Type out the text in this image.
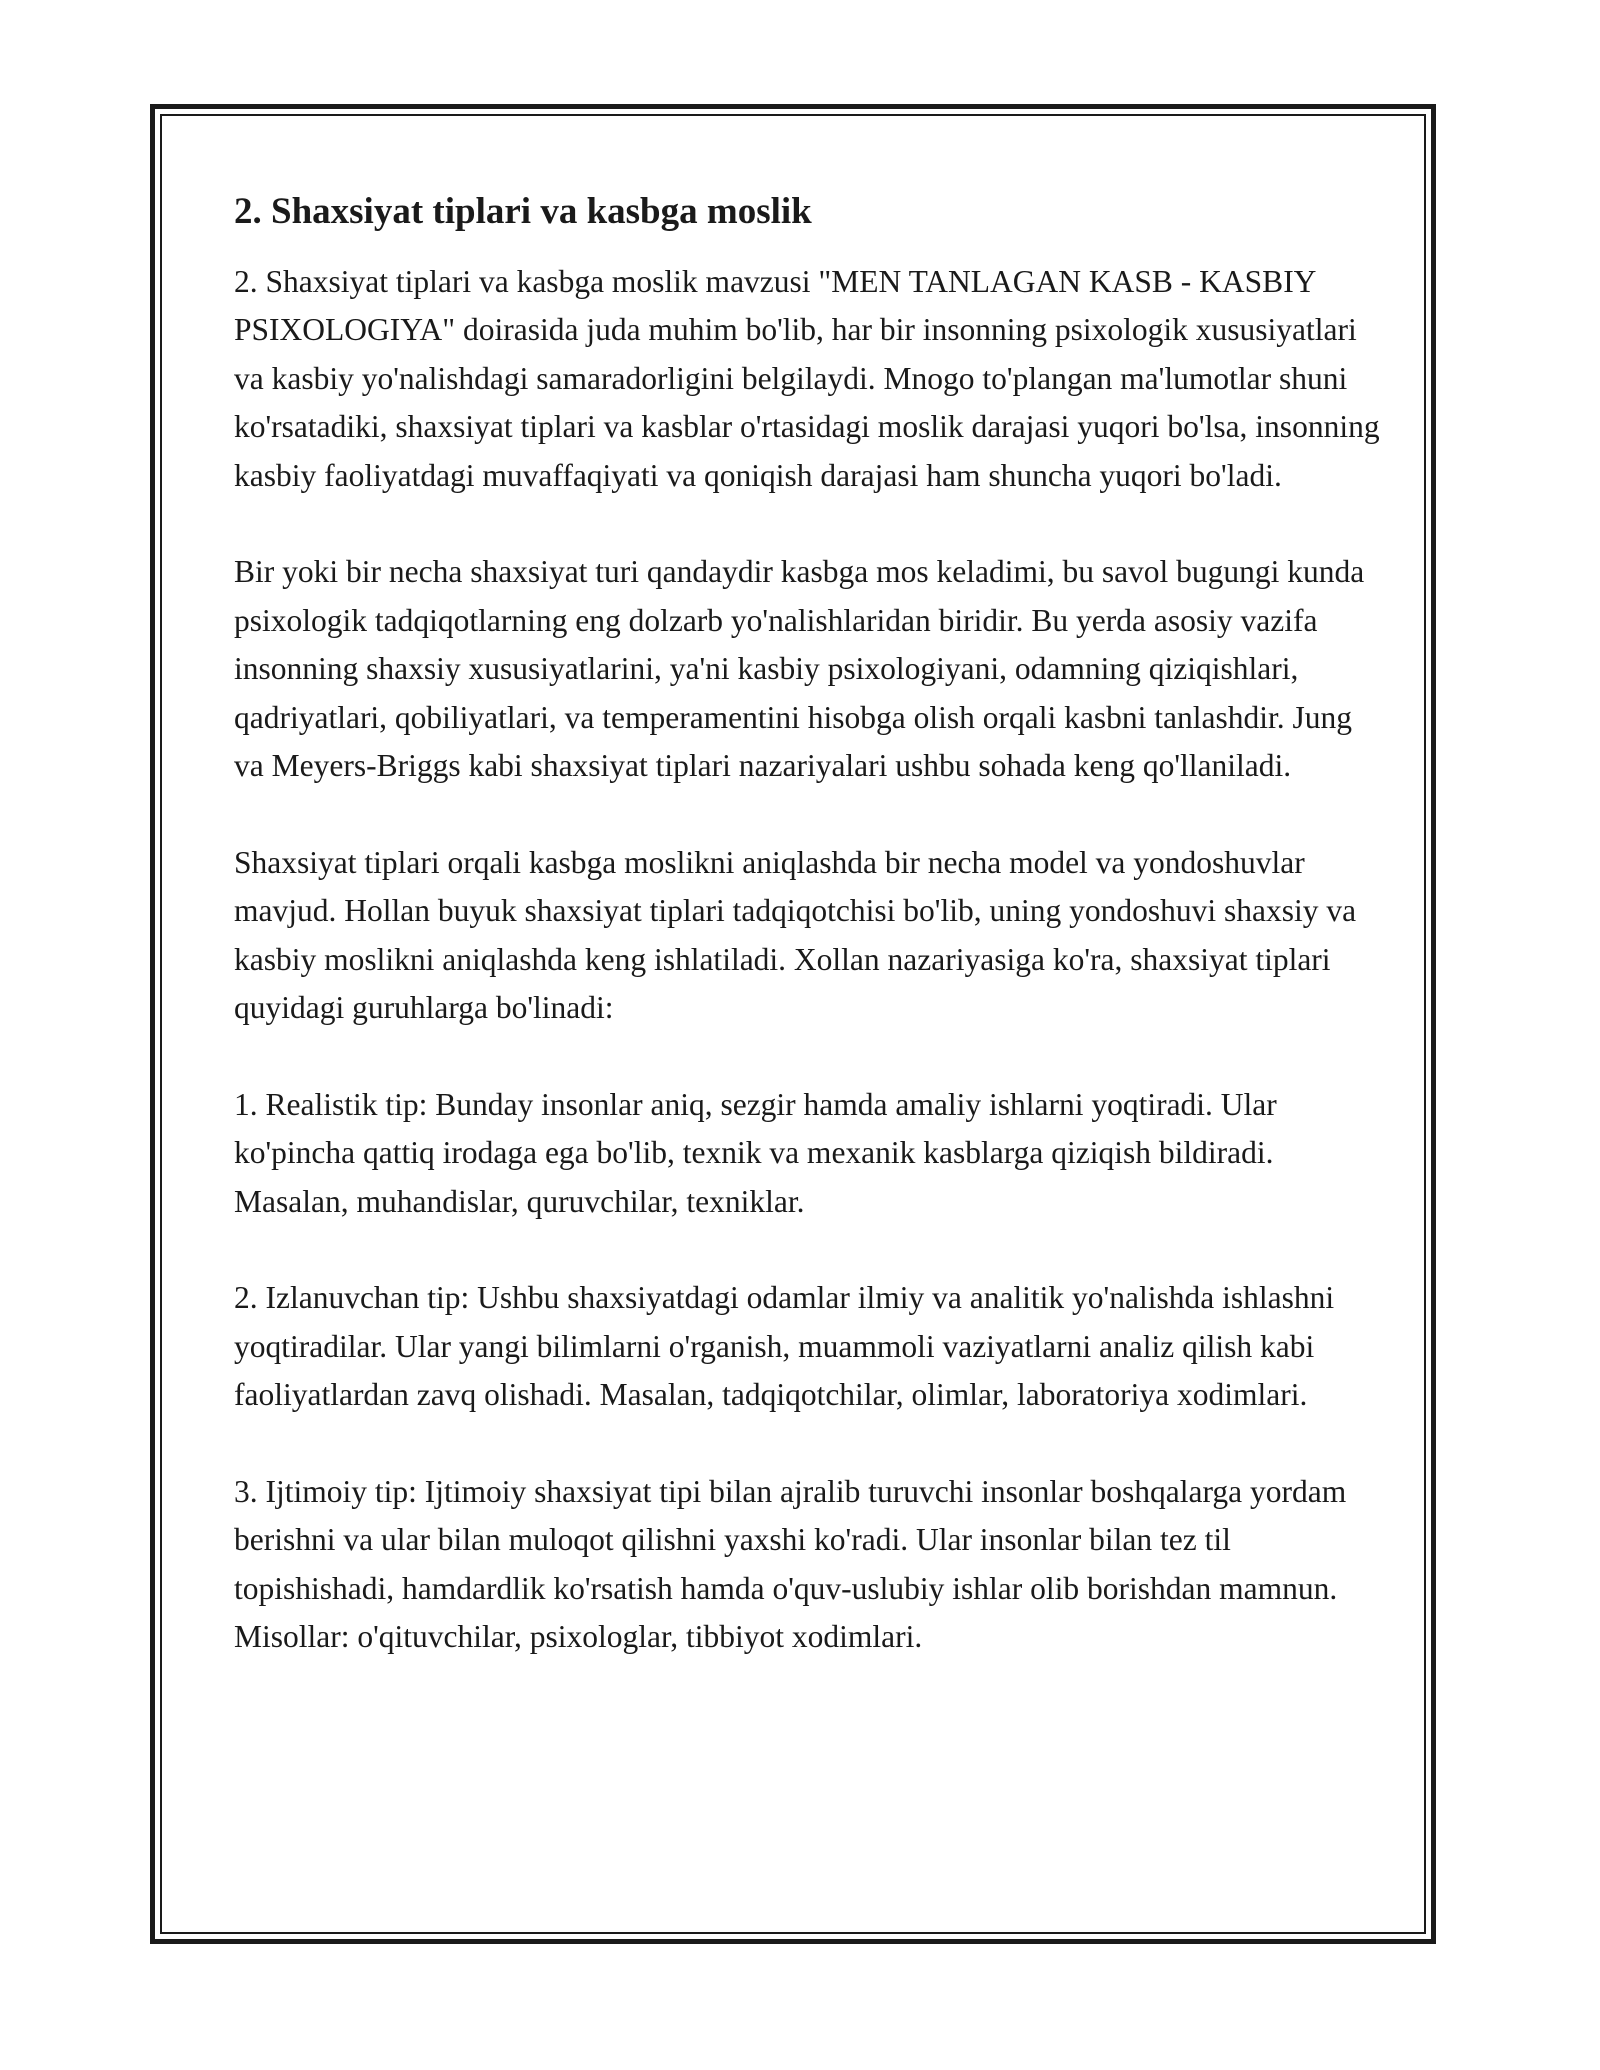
2. Shaxsiyat tiplari va kasbga moslik

2. Shaxsiyat tiplari va kasbga moslik mavzusi "MEN TANLAGAN KASB - KASBIY PSIXOLOGIYA" doirasida juda muhim bo'lib, har bir insonning psixologik xususiyatlari va kasbiy yo'nalishdagi samaradorligini belgilaydi. Mnogo to'plangan ma'lumotlar shuni ko'rsatadiki, shaxsiyat tiplari va kasblar o'rtasidagi moslik darajasi yuqori bo'lsa, insonning kasbiy faoliyatdagi muvaffaqiyati va qoniqish darajasi ham shuncha yuqori bo'ladi.

Bir yoki bir necha shaxsiyat turi qandaydir kasbga mos keladimi, bu savol bugungi kunda psixologik tadqiqotlarning eng dolzarb yo'nalishlaridan biridir. Bu yerda asosiy vazifa insonning shaxsiy xususiyatlarini, ya'ni kasbiy psixologiyani, odamning qiziqishlari, qadriyatlari, qobiliyatlari, va temperamentini hisobga olish orqali kasbni tanlashdir. Jung va Meyers-Briggs kabi shaxsiyat tiplari nazariyalari ushbu sohada keng qo'llaniladi.

Shaxsiyat tiplari orqali kasbga moslikni aniqlashda bir necha model va yondoshuvlar mavjud. Hollan buyuk shaxsiyat tiplari tadqiqotchisi bo'lib, uning yondoshuvi shaxsiy va kasbiy moslikni aniqlashda keng ishlatiladi. Xollan nazariyasiga ko'ra, shaxsiyat tiplari quyidagi guruhlarga bo'linadi:

1. Realistik tip: Bunday insonlar aniq, sezgir hamda amaliy ishlarni yoqtiradi. Ular ko'pincha qattiq irodaga ega bo'lib, texnik va mexanik kasblarga qiziqish bildiradi. Masalan, muhandislar, quruvchilar, texniklar.

2. Izlanuvchan tip: Ushbu shaxsiyatdagi odamlar ilmiy va analitik yo'nalishda ishlashni yoqtiradilar. Ular yangi bilimlarni o'rganish, muammoli vaziyatlarni analiz qilish kabi faoliyatlardan zavq olishadi. Masalan, tadqiqotchilar, olimlar, laboratoriya xodimlari.

3. Ijtimoiy tip: Ijtimoiy shaxsiyat tipi bilan ajralib turuvchi insonlar boshqalarga yordam berishni va ular bilan muloqot qilishni yaxshi ko'radi. Ular insonlar bilan tez til topishishadi, hamdardlik ko'rsatish hamda o'quv-uslubiy ishlar olib borishdan mamnun. Misollar: o'qituvchilar, psixologlar, tibbiyot xodimlari.
